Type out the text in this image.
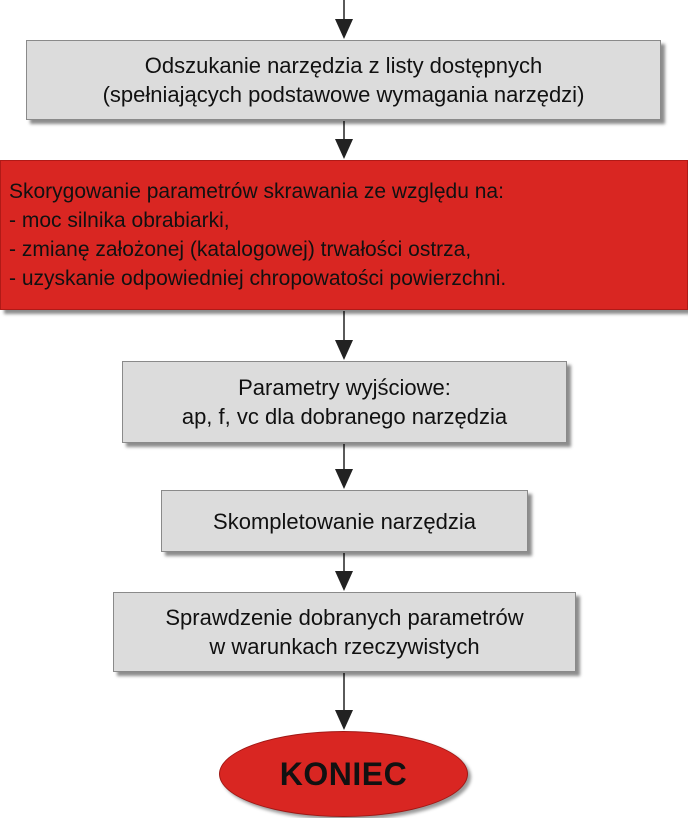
Odszukanie narzędzia z listy dostępnych
(spełniających podstawowe wymagania narzędzi)
Skorygowanie parametrów skrawania ze względu na:
- moc silnika obrabiarki,
- zmianę założonej (katalogowej) trwałości ostrza,
- uzyskanie odpowiedniej chropowatości powierzchni.
Parametry wyjściowe:
ap, f, vc dla dobranego narzędzia
Skompletowanie narzędzia
Sprawdzenie dobranych parametrów
w warunkach rzeczywistych
KONIEC
